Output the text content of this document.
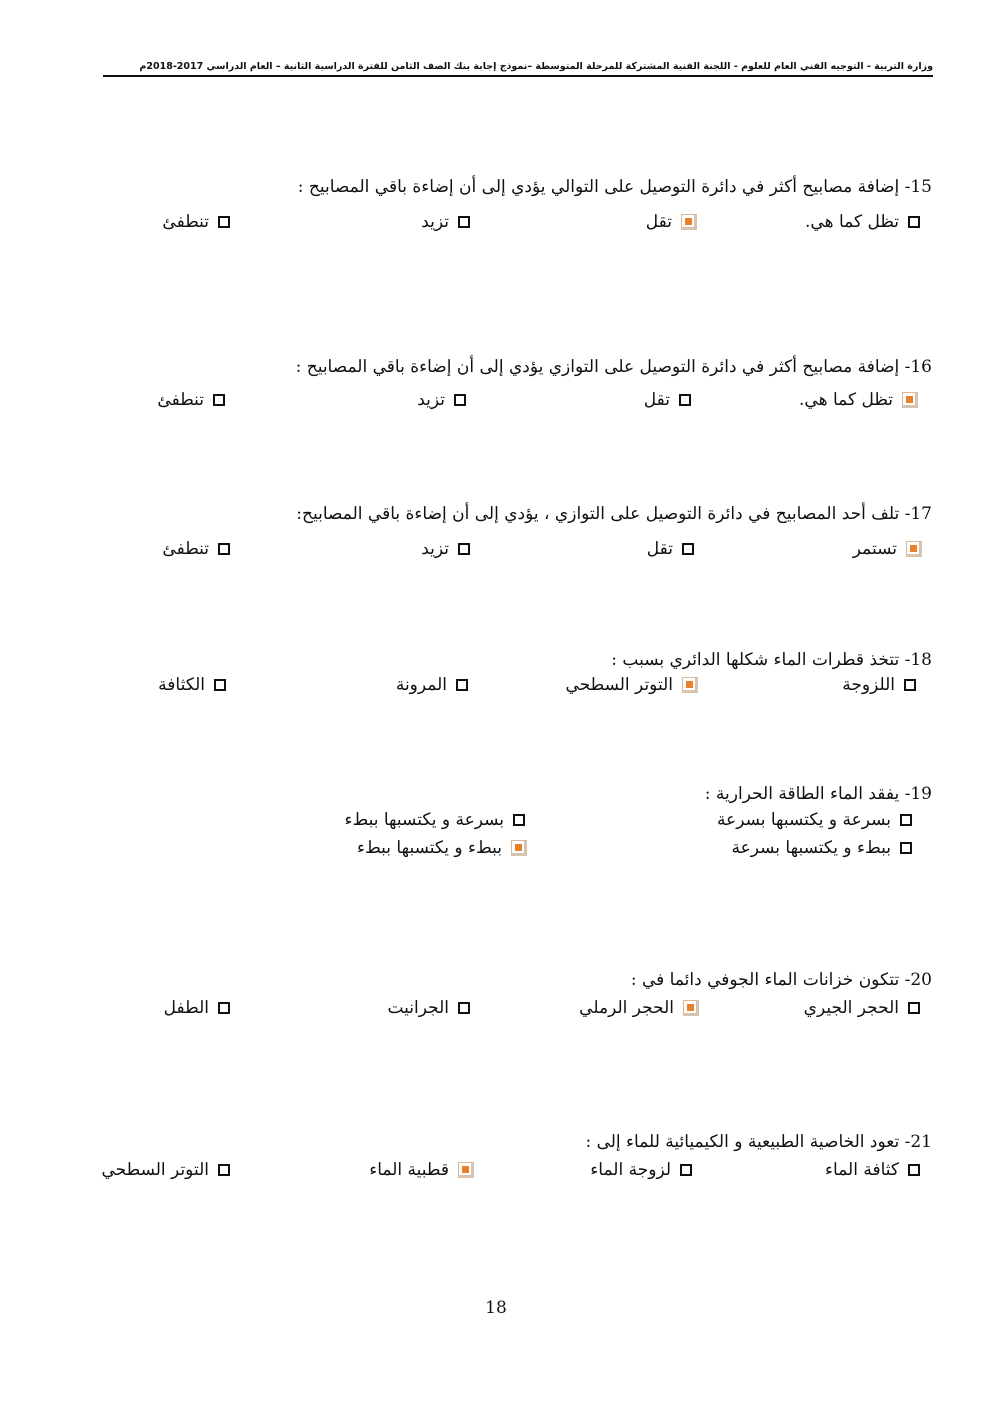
وزارة التربية - التوجيه الفني العام للعلوم - اللجنة الفنية المشتركة للمرحلة المتوسطة –نموذج إجابة بنك الصف الثامن للفترة الدراسية الثانية – العام الدراسي 2017-2018م
15- إضافة مصابيح أكثر في دائرة التوصيل على التوالي يؤدي إلى أن إضاءة باقي المصابيح :
تظل كما هي.
تقل
تزيد
تنطفئ
16- إضافة مصابيح أكثر في دائرة التوصيل على التوازي يؤدي إلى أن إضاءة باقي المصابيح :
تظل كما هي.
تقل
تزيد
تنطفئ
17- تلف أحد المصابيح في دائرة التوصيل على التوازي ، يؤدي إلى أن إضاءة باقي المصابيح:
تستمر
تقل
تزيد
تنطفئ
18- تتخذ قطرات الماء شكلها الدائري بسبب :
اللزوجة
التوتر السطحي
المرونة
الكثافة
19- يفقد الماء الطاقة الحرارية :
بسرعة و يكتسبها بسرعة
بسرعة و يكتسبها ببطء
ببطء و يكتسبها بسرعة
ببطء و يكتسبها ببطء
20- تتكون خزانات الماء الجوفي دائما في :
الحجر الجيري
الحجر الرملي
الجرانيت
الطفل
21- تعود الخاصية الطبيعية و الكيميائية للماء إلى :
كثافة الماء
لزوجة الماء
قطبية الماء
التوتر السطحي
18
